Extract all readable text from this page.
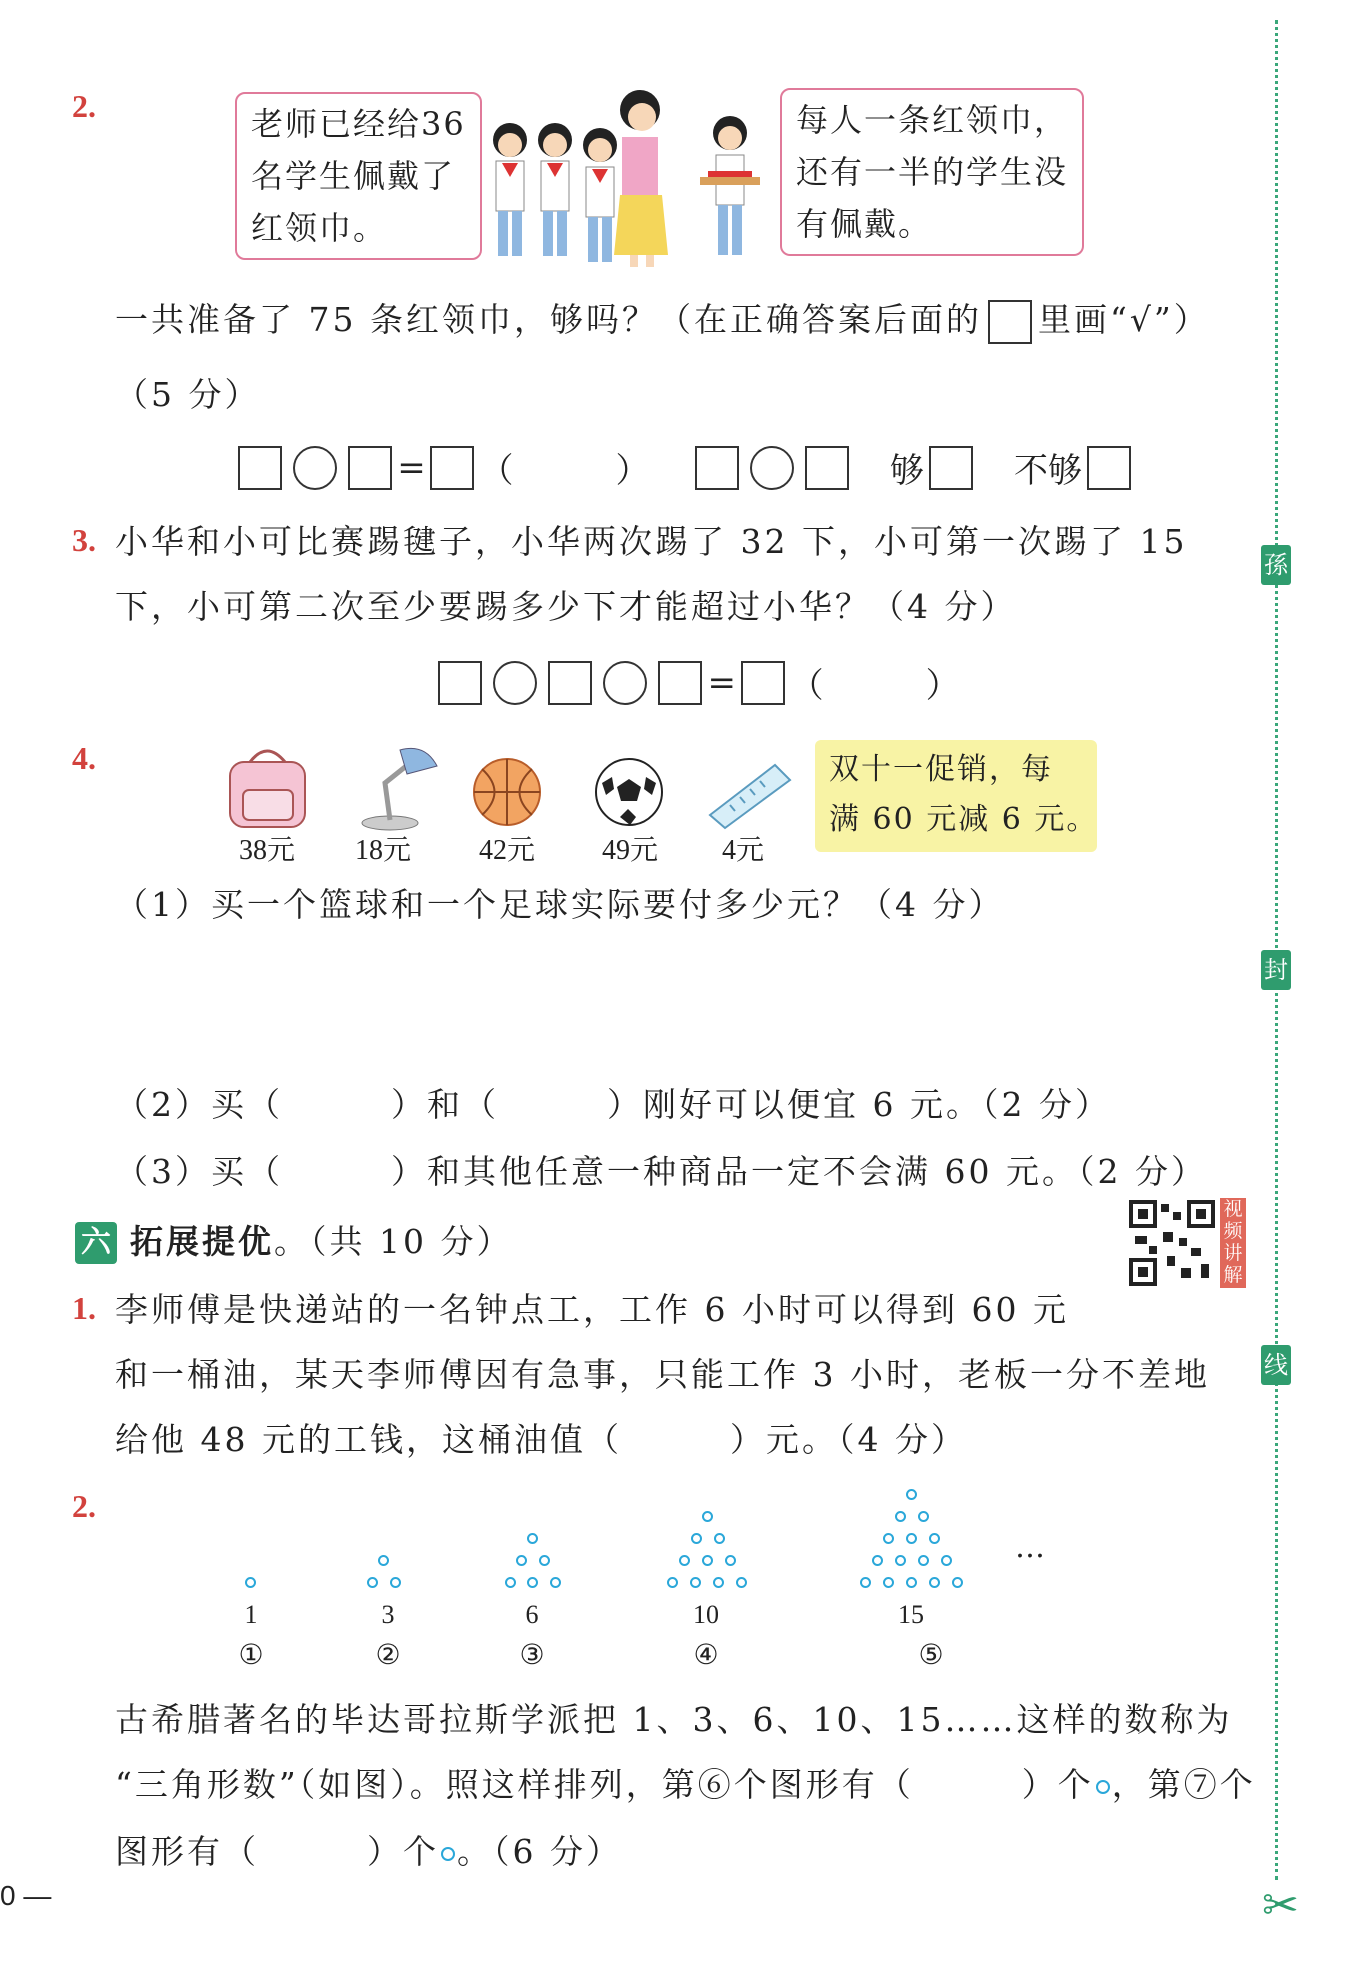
孫
封
线
✂
2.	老师已经给36
名学生佩戴了
红领巾。
每人一条红领巾，
还有一半的学生没
有佩戴。
一共准备了 75 条红领巾，够吗？（在正确答案后面的 里画“√”）
（5 分）
= （　　　）	够	不够
3. 小华和小可比赛踢毽子，小华两次踢了 32 下，小可第一次踢了 15
下，小可第二次至少要踢多少下才能超过小华？（4 分）
= （　　　）
4.
38元	18元	42元	49元	4元
双十一促销，每
满 60 元减 6 元。
（1）买一个篮球和一个足球实际要付多少元？（4 分）
（2）买（　　　）和（　　　）刚好可以便宜 6 元。（2 分）
（3）买（　　　）和其他任意一种商品一定不会满 60 元。（2 分）
六 拓展提优。（共 10 分）
视
频
讲
解
1. 李师傅是快递站的一名钟点工，工作 6 小时可以得到 60 元
和一桶油，某天李师傅因有急事，只能工作 3 小时，老板一分不差地
给他 48 元的工钱，这桶油值（　　　）元。（4 分）
2.
…
1	3	6	10	15
①	②	③	④	⑤
古希腊著名的毕达哥拉斯学派把 1、3、6、10、15……这样的数称为
“三角形数”（如图）。照这样排列，第⑥个图形有（　　　）个 ，第⑦个
图形有（　　　）个 。（6 分）
0 —
